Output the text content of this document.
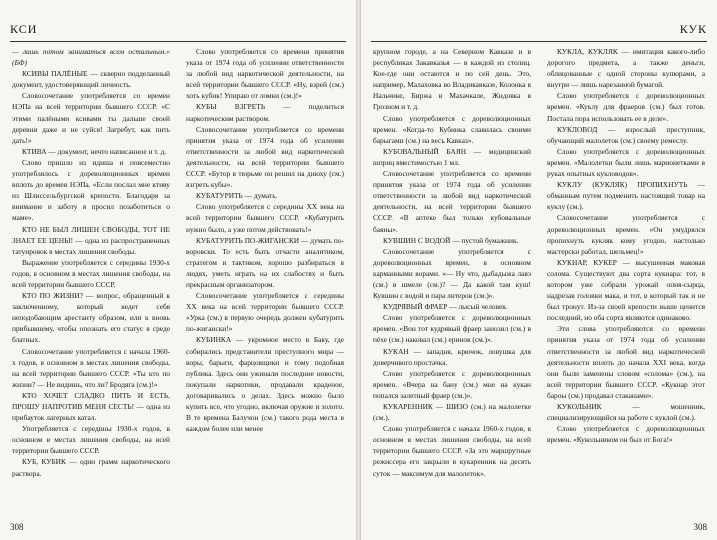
КСИ

— лишь потом заниматься всем остальным.» (БФ)

КСИВЫ ПАЛЁНЫЕ — скверно подделанный документ, удостоверяющий личность.

Словосочетание употребляется со времен НЭПа на всей территории бывшего СССР. «С этими палёными ксивами ты дальше своей деревни даже и не суйся! Загребут, как пить дать!»

КТИВА — документ, нечто написанное и т. д.

Слово пришло из идиша и повсеместно употреблялось с дореволюционных времен вплоть до времен НЭПа. «Если послал мне ктиву из Шлиссельбургской крепости. Благодаря за внимание и заботу я просил позаботиться о маме».

КТО НЕ БЫЛ ЛИШЕН СВОБОДЫ, ТОТ НЕ ЗНАЕТ ЕЕ ЦЕНЫ! — одна из распространенных татуировок в местах лишения свободы.

Выражение употребляется с середины 1930-х годов, в основном в местах лишения свободы, на всей территории бывшего СССР.

КТО ПО ЖИЗНИ? — вопрос, обращенный к заключенному, который ведет себя неподобающим арестанту образом, или к вновь прибывшему, чтобы опознать его статус в среде блатных.

Словосочетание употребляется с начала 1960-х годов, в основном в местах лишения свободы, на всей территории бывшего СССР. «Ты кто по жизни? — Не видишь, что ли? Бродяга (см.)!»

КТО ХОЧЕТ СЛАДКО ПИТЬ И ЕСТЬ, ПРОШУ НАПРОТИВ МЕНЯ СЕСТЬ! — одна из прибауток лагерных катал.

Употребляется с середины 1930-х годов, в основном в местах лишения свободы, на всей территории бывшего СССР.

КУБ, КУБИК — один грамм наркотического раствора.

Слово употребляется со времени принятия указа от 1974 года об усилении ответственности за любой вид наркотической деятельности, на всей территории бывшего СССР. «Ну, взрей (см.) хоть кубик! Упираю от ломки (см.)!»

КУБЫ ВЗГРЕТЬ — поделиться наркотическим раствором.

Словосочетание употребляется со времени принятия указа от 1974 года об усилении ответственности за любой вид наркотической деятельности, на всей территории бывшего СССР. «Бутор в тюрьме он решил на днюху (см.) взгреть кубы».

КУБАТУРИТЬ — думать.

Слово употребляется с середины XX века на всей территории бывшего СССР. «Кубатурить нужно было, а уже потом действовать!»

КУБАТУРИТЬ ПО-ЖИГАНСКИ — думать по-воровски. То есть быть отчасти аналитиком, стратегом и тактиком, хорошо разбираться в людях, уметь играть на их слабостях и быть прекрасным организатором.

Словосочетание употребляется с середины XX века на всей территории бывшего СССР. «Урка (см.) в первую очередь должен кубатурить по-жигански!»

КУБИНКА — укромное место в Баку, где собирались представители преступного мира — воры, барыги, фарцовщики и тому подобная публика. Здесь они ужинали последние новости, покупали наркотики, продавали краденое, договаривались о делах. Здесь можно было купить все, что угодно, включая оружие и золото. В те времена Балучон (см.) такого рода места в каждом более или менее

308
КУК

крупном городе, а на Северном Кавказе и в республиках Закавказья — в каждой из столиц. Кое-где они остаются и по сей день. Это, например, Малаховка во Владикавказе, Колонка в Нальчике, Биржа в Махачкале, Жидовка в Грозном и т. д.

Слово употребляется с дореволюционных времен. «Когда-то Кубинка славилась своими барыгами (см.) на весь Кавказ».

КУБОВАЛЬНЫЙ БАЯН — медицинский шприц вместимостью 1 мл.

Словосочетание употребляется со времени принятия указа от 1974 года об усилении ответственности за любой вид наркотической деятельности, на всей территории бывшего СССР. «В аптеке был только кубовальные баяны».

КУВШИН С ВОДОЙ — пустой бумажник.

Словосочетание употребляется с дореволюционных времен, в основном карманными ворами. «— Ну что, дыбадыжа лавэ (см.) в шмеле (см.)? — Да какой там куш! Кувшин с водой и пара литеров (см.)».

КУДРЯВЫЙ ФРАЕР — лысый человек.

Слово употребляется с дореволюционных времен. «Вон тот кудрявый фраер занозил (см.) в пёхе (см.) наковал (см.) еринов (см.)».

КУКАН — западня, крючок, ловушка для доверчивого простачка.

Слово употребляется с дореволюционных времен. «Вчера на бану (см.) мне на кукан попался залетный фраер (см.)».

КУКАРЕННИК — ШИЗО (см.) на малолетке (см.).

Слово употребляется с начала 1960-х годов, в основном в местах лишения свободы, на всей территории бывшего СССР. «За это маршрутные режиссера его закрыли в кукаренник на десять суток — максимум для малолеток».

КУКЛА, КУКЛЯК — имитация какого-либо дорогого предмета, а также деньги, облицованные с одной стороны купюрами, а внутри — лишь нарезанной бумагой.

Слово употребляется с дореволюционных времен. «Куклу для фраеров (см.) был готов. Постала пора использовать ее в деле».

КУКЛОВОД — взрослый преступник, обучающий малолеток (см.) своему ремеслу.

Слово употребляется с дореволюционных времен. «Малолетки были лишь марионетками в руках опытных кукловодов».

КУКЛУ (КУКЛЯК) ПРОПИХНУТЬ — обманным путем подменить настоящий товар на куклу (см.).

Словосочетание употребляется с дореволюционных времен. «Он умудрялся пропихнуть кукляк кому угодно, настолько мастерски работал, шельмец!»

КУКНАР, КУКЕР — высушенная маковая солома. Существуют два сорта кукнара: тот, в котором уже собрали урожай опия-сырца, надрезав головки мака, и тот, в который так и не был тронут. Из-за своей крепости выше ценится последний, но оба сорта являются одинаково.

Эти слова употребляются со времени принятия указа от 1974 года об усилении ответственности за любой вид наркотической деятельности вплоть до начала XXI века, когда они были заменены словом «солома» (см.), на всей территории бывшего СССР. «Кукнар этот бароы (см.) продавал стаканами».

КУКОЛЬНИК — мошенник, специализирующийся на работе с куклой (см.).

Слово употребляется с дореволюционных времен. «Кукольником он был от Бога!»

308
